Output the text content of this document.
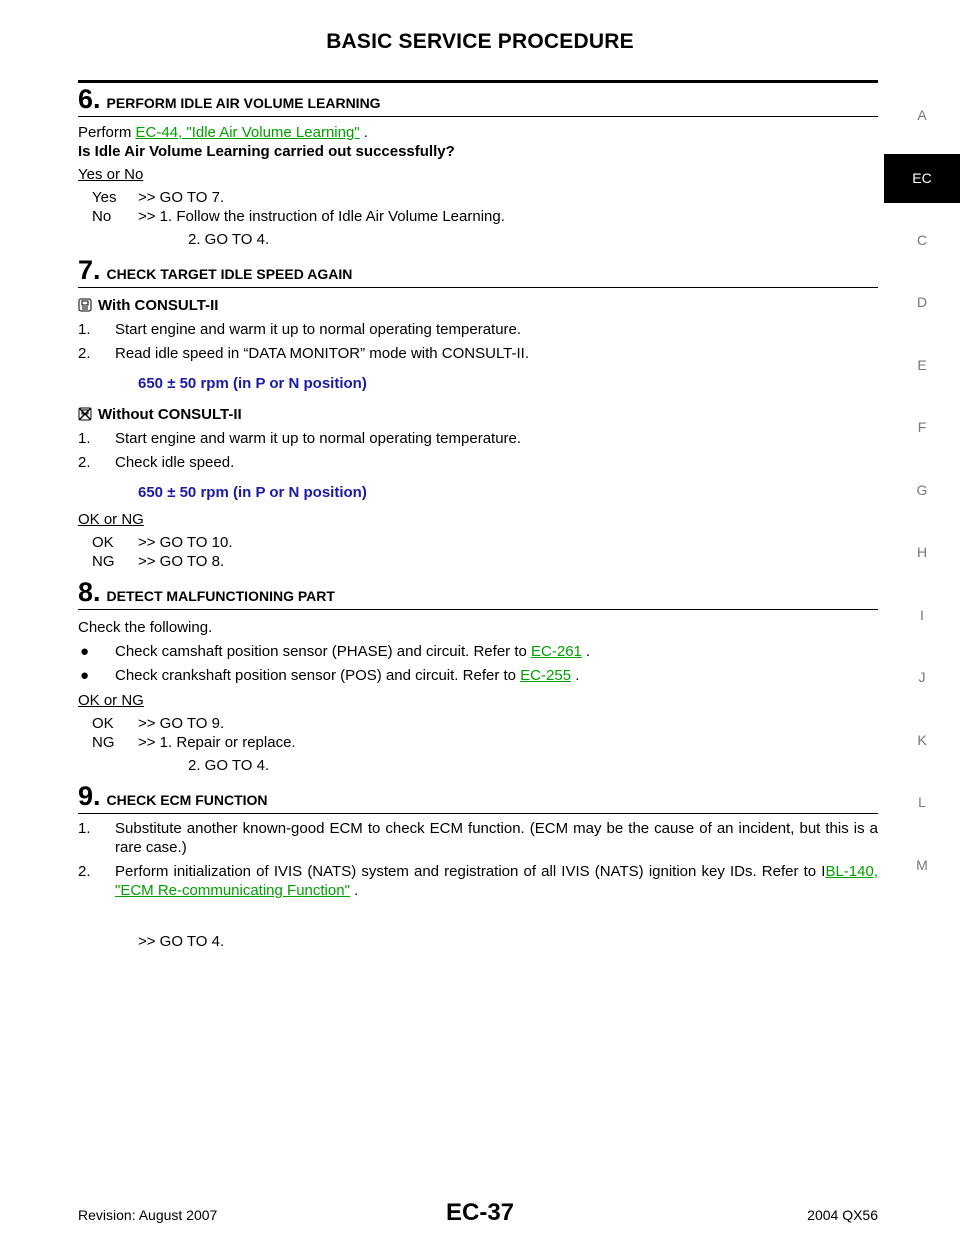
BASIC SERVICE PROCEDURE
A
EC
C
D
E
F
G
H
I
J
K
L
M
6. PERFORM IDLE AIR VOLUME LEARNING

Perform EC-44, "Idle Air Volume Learning" .

Is Idle Air Volume Learning carried out successfully?

Yes or No

Yes	>> GO TO 7.
No	>> 1. Follow the instruction of Idle Air Volume Learning.
2. GO TO 4.
7. CHECK TARGET IDLE SPEED AGAIN

With CONSULT-II

1.	Start engine and warm it up to normal operating temperature.
2.	Read idle speed in “DATA MONITOR” mode with CONSULT-II.

650 ± 50 rpm (in P or N position)

Without CONSULT-II

1.	Start engine and warm it up to normal operating temperature.
2.	Check idle speed.

650 ± 50 rpm (in P or N position)

OK or NG

OK	>> GO TO 10.
NG	>> GO TO 8.
8. DETECT MALFUNCTIONING PART

Check the following.

●	Check camshaft position sensor (PHASE) and circuit. Refer to EC-261 .
●	Check crankshaft position sensor (POS) and circuit. Refer to EC-255 .

OK or NG

OK	>> GO TO 9.
NG	>> 1. Repair or replace.
2. GO TO 4.
9. CHECK ECM FUNCTION
1.	Substitute another known-good ECM to check ECM function. (ECM may be the cause of an incident, but this is a rare case.)
2.	Perform initialization of IVIS (NATS) system and registration of all IVIS (NATS) ignition key IDs. Refer to IBL-140, "ECM Re-communicating Function" .

>> GO TO 4.

Revision: August 2007	EC-37	2004 QX56
